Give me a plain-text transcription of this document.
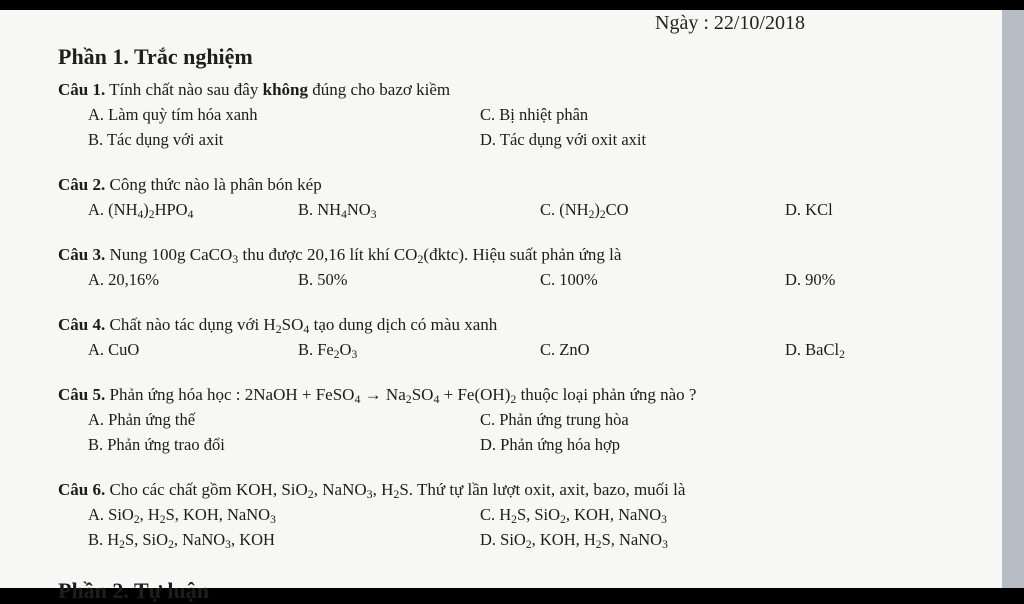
Ngày : 22/10/2018
Phần 1. Trắc nghiệm
Câu 1. Tính chất nào sau đây không đúng cho bazơ kiềm
A. Làm quỳ tím hóa xanh	C. Bị nhiệt phân
B. Tác dụng với axit	D. Tác dụng với oxit axit
Câu 2. Công thức nào là phân bón kép
A. $(NH_4)_2HPO_4$	B. $NH_4NO_3$	C. $(NH_2)_2CO$	D. KCl
Câu 3. Nung 100g CaCO$_3$ thu được 20,16 lít khí $CO_2(đktc)$. Hiệu suất phản ứng là
A. 20,16%	B. 50%	C. 100%	D. 90%
Câu 4. Chất nào tác dụng với $H_2SO_4$ tạo dung dịch có màu xanh
A. CuO	B. $Fe_2O_3$	C. ZnO	D. BaCl$_2$
Câu 5. Phản ứng hóa học : 2NaOH + FeSO$_4$ → $Na_2SO_4 + Fe(OH)_2$ thuộc loại phản ứng nào ?
A. Phản ứng thế	C. Phản ứng trung hòa
B. Phản ứng trao đổi	D. Phản ứng hóa hợp
Câu 6. Cho các chất gồm KOH, SiO$_2$, NaNO$_3$, $H_2S$. Thứ tự lần lượt oxit, axit, bazo, muối là
A. SiO$_2$, $H_2S$, KOH, NaNO$_3$	C. $H_2S$, SiO$_2$, KOH, NaNO$_3$
B. $H_2S$, SiO$_2$, NaNO$_3$, KOH	D. SiO$_2$, KOH, $H_2S$, NaNO$_3$
Phần 2. Tự luận
